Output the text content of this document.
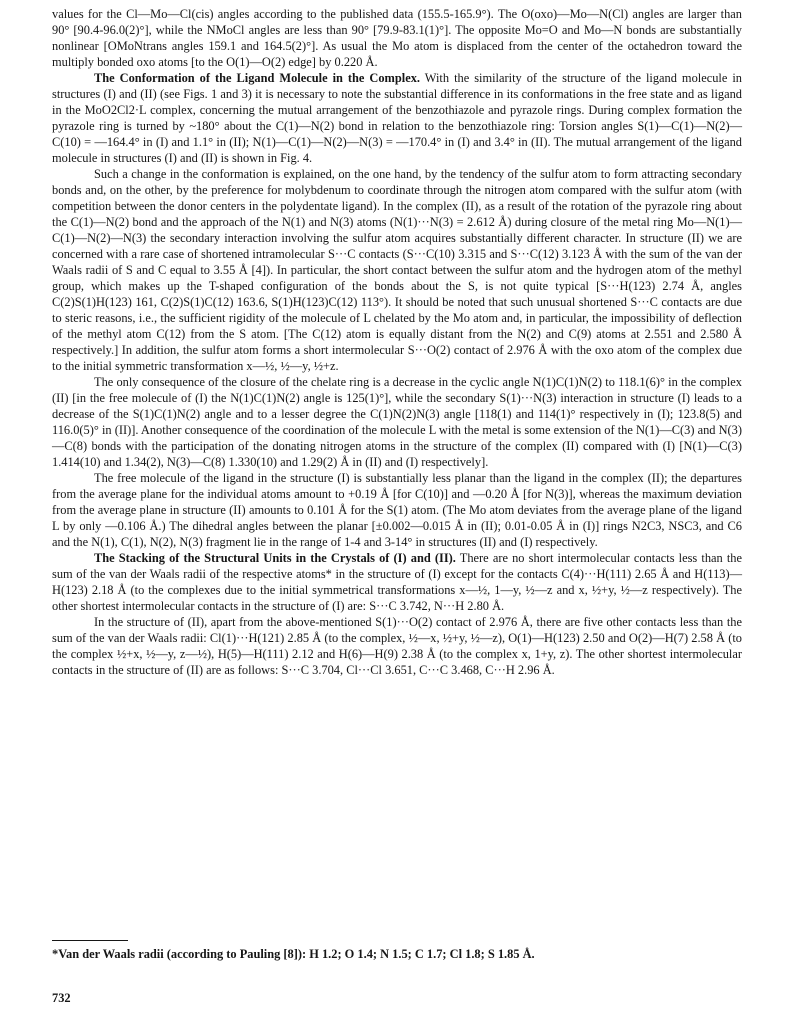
values for the Cl—Mo—Cl(cis) angles according to the published data (155.5-165.9°). The O(oxo)—Mo—N(Cl) angles are larger than 90° [90.4-96.0(2)°], while the NMoCl angles are less than 90° [79.9-83.1(1)°]. The opposite Mo=O and Mo—N bonds are substantially nonlinear [OMoNtrans angles 159.1 and 164.5(2)°]. As usual the Mo atom is displaced from the center of the octahedron toward the multiply bonded oxo atoms [to the O(1)—O(2) edge] by 0.220 Å.

The Conformation of the Ligand Molecule in the Complex. With the similarity of the structure of the ligand molecule in structures (I) and (II) (see Figs. 1 and 3) it is necessary to note the substantial difference in its conformations in the free state and as ligand in the MoO2Cl2·L complex, concerning the mutual arrangement of the benzothiazole and pyrazole rings. During complex formation the pyrazole ring is turned by ~180° about the C(1)—N(2) bond in relation to the benzothiazole ring: Torsion angles S(1)—C(1)—N(2)—C(10) = —164.4° in (I) and 1.1° in (II); N(1)—C(1)—N(2)—N(3) = —170.4° in (I) and 3.4° in (II). The mutual arrangement of the ligand molecule in structures (I) and (II) is shown in Fig. 4.

Such a change in the conformation is explained, on the one hand, by the tendency of the sulfur atom to form attracting secondary bonds and, on the other, by the preference for molybdenum to coordinate through the nitrogen atom compared with the sulfur atom (with competition between the donor centers in the polydentate ligand). In the complex (II), as a result of the rotation of the pyrazole ring about the C(1)—N(2) bond and the approach of the N(1) and N(3) atoms (N(1)···N(3) = 2.612 Å) during closure of the metal ring Mo—N(1)—C(1)—N(2)—N(3) the secondary interaction involving the sulfur atom acquires substantially different character. In structure (II) we are concerned with a rare case of shortened intramolecular S···C contacts (S···C(10) 3.315 and S···C(12) 3.123 Å with the sum of the van der Waals radii of S and C equal to 3.55 Å [4]). In particular, the short contact between the sulfur atom and the hydrogen atom of the methyl group, which makes up the T-shaped configuration of the bonds about the S, is not quite typical [S···H(123) 2.74 Å, angles C(2)S(1)H(123) 161, C(2)S(1)C(12) 163.6, S(1)H(123)C(12) 113°). It should be noted that such unusual shortened S···C contacts are due to steric reasons, i.e., the sufficient rigidity of the molecule of L chelated by the Mo atom and, in particular, the impossibility of deflection of the methyl atom C(12) from the S atom. [The C(12) atom is equally distant from the N(2) and C(9) atoms at 2.551 and 2.580 Å respectively.] In addition, the sulfur atom forms a short intermolecular S···O(2) contact of 2.976 Å with the oxo atom of the complex due to the initial symmetric transformation x—½, ½—y, ½+z.

The only consequence of the closure of the chelate ring is a decrease in the cyclic angle N(1)C(1)N(2) to 118.1(6)° in the complex (II) [in the free molecule of (I) the N(1)C(1)N(2) angle is 125(1)°], while the secondary S(1)···N(3) interaction in structure (I) leads to a decrease of the S(1)C(1)N(2) angle and to a lesser degree the C(1)N(2)N(3) angle [118(1) and 114(1)° respectively in (I); 123.8(5) and 116.0(5)° in (II)]. Another consequence of the coordination of the molecule L with the metal is some extension of the N(1)—C(3) and N(3)—C(8) bonds with the participation of the donating nitrogen atoms in the structure of the complex (II) compared with (I) [N(1)—C(3) 1.414(10) and 1.34(2), N(3)—C(8) 1.330(10) and 1.29(2) Å in (II) and (I) respectively].

The free molecule of the ligand in the structure (I) is substantially less planar than the ligand in the complex (II); the departures from the average plane for the individual atoms amount to +0.19 Å [for C(10)] and —0.20 Å [for N(3)], whereas the maximum deviation from the average plane in structure (II) amounts to 0.101 Å for the S(1) atom. (The Mo atom deviates from the average plane of the ligand L by only —0.106 Å.) The dihedral angles between the planar [±0.002—0.015 Å in (II); 0.01-0.05 Å in (I)] rings N2C3, NSC3, and C6 and the N(1), C(1), N(2), N(3) fragment lie in the range of 1-4 and 3-14° in structures (II) and (I) respectively.

The Stacking of the Structural Units in the Crystals of (I) and (II). There are no short intermolecular contacts less than the sum of the van der Waals radii of the respective atoms* in the structure of (I) except for the contacts C(4)···H(111) 2.65 Å and H(113)—H(123) 2.18 Å (to the complexes due to the initial symmetrical transformations x—½, 1—y, ½—z and x, ½+y, ½—z respectively). The other shortest intermolecular contacts in the structure of (I) are: S···C 3.742, N···H 2.80 Å.

In the structure of (II), apart from the above-mentioned S(1)···O(2) contact of 2.976 Å, there are five other contacts less than the sum of the van der Waals radii: Cl(1)···H(121) 2.85 Å (to the complex, ½—x, ½+y, ½—z), O(1)—H(123) 2.50 and O(2)—H(7) 2.58 Å (to the complex ½+x, ½—y, z—½), H(5)—H(111) 2.12 and H(6)—H(9) 2.38 Å (to the complex x, 1+y, z). The other shortest intermolecular contacts in the structure of (II) are as follows: S···C 3.704, Cl···Cl 3.651, C···C 3.468, C···H 2.96 Å.

*Van der Waals radii (according to Pauling [8]): H 1.2; O 1.4; N 1.5; C 1.7; Cl 1.8; S 1.85 Å.
732
